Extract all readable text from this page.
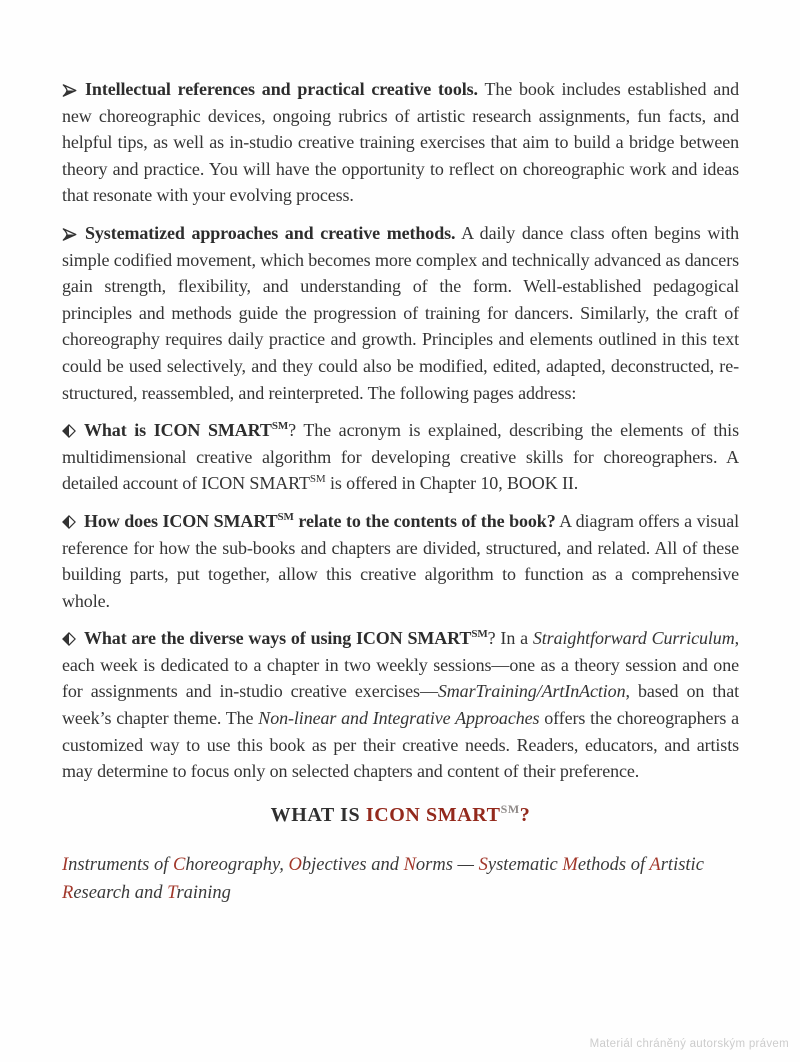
Intellectual references and practical creative tools. The book includes established and new choreographic devices, ongoing rubrics of artistic research assignments, fun facts, and helpful tips, as well as in-studio creative training exercises that aim to build a bridge between theory and practice. You will have the opportunity to reflect on choreographic work and ideas that resonate with your evolving process.

Systematized approaches and creative methods. A daily dance class often begins with simple codified movement, which becomes more complex and technically advanced as dancers gain strength, flexibility, and understanding of the form. Well-established pedagogical principles and methods guide the progression of training for dancers. Similarly, the craft of choreography requires daily practice and growth. Principles and elements outlined in this text could be used selectively, and they could also be modified, edited, adapted, deconstructed, re-structured, reassembled, and reinterpreted. The following pages address:

What is ICON SMART℠? The acronym is explained, describing the elements of this multidimensional creative algorithm for developing creative skills for choreographers. A detailed account of ICON SMART℠ is offered in Chapter 10, BOOK II.

How does ICON SMART℠ relate to the contents of the book? A diagram offers a visual reference for how the sub-books and chapters are divided, structured, and related. All of these building parts, put together, allow this creative algorithm to function as a comprehensive whole.

What are the diverse ways of using ICON SMART℠? In a Straightforward Curriculum, each week is dedicated to a chapter in two weekly sessions—one as a theory session and one for assignments and in-studio creative exercises—SmarTraining/ArtInAction, based on that week’s chapter theme. The Non-linear and Integrative Approaches offers the choreographers a customized way to use this book as per their creative needs. Readers, educators, and artists may determine to focus only on selected chapters and content of their preference.

WHAT IS ICON SMART℠?

Instruments of Choreography, Objectives and Norms — Systematic Methods of Artistic Research and Training

Materiál chráněný autorským právem
